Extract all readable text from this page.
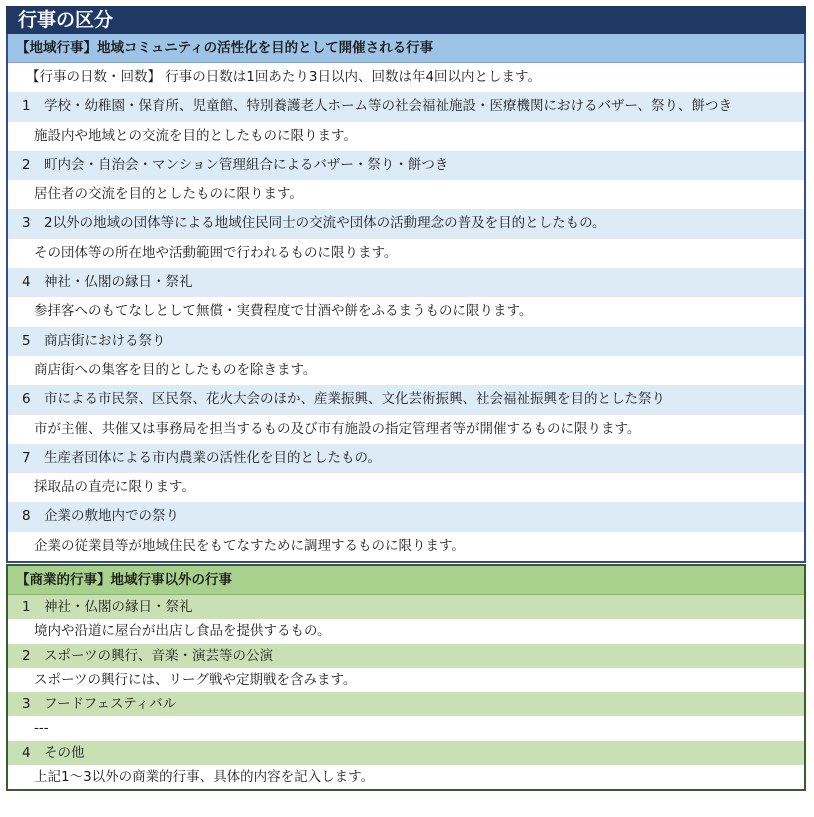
行事の区分
【地域行事】地域コミュニティの活性化を目的として開催される行事
【行事の日数・回数】 行事の日数は1回あたり3日以内、回数は年4回以内とします。
1 学校・幼稚園・保育所、児童館、特別養護老人ホーム等の社会福祉施設・医療機関におけるバザー、祭り、餅つき
施設内や地域との交流を目的としたものに限ります。
2 町内会・自治会・マンション管理組合によるバザー・祭り・餅つき
居住者の交流を目的としたものに限ります。
3 2以外の地域の団体等による地域住民同士の交流や団体の活動理念の普及を目的としたもの。
その団体等の所在地や活動範囲で行われるものに限ります。
4 神社・仏閣の縁日・祭礼
参拝客へのもてなしとして無償・実費程度で甘酒や餅をふるまうものに限ります。
5 商店街における祭り
商店街への集客を目的としたものを除きます。
6 市による市民祭、区民祭、花火大会のほか、産業振興、文化芸術振興、社会福祉振興を目的とした祭り
市が主催、共催又は事務局を担当するもの及び市有施設の指定管理者等が開催するものに限ります。
7 生産者団体による市内農業の活性化を目的としたもの。
採取品の直売に限ります。
8 企業の敷地内での祭り
企業の従業員等が地域住民をもてなすために調理するものに限ります。
【商業的行事】地域行事以外の行事
1 神社・仏閣の縁日・祭礼
境内や沿道に屋台が出店し食品を提供するもの。
2 スポーツの興行、音楽・演芸等の公演
スポーツの興行には、リーグ戦や定期戦を含みます。
3 フードフェスティバル
---
4 その他
上記1～3以外の商業的行事、具体的内容を記入します。
